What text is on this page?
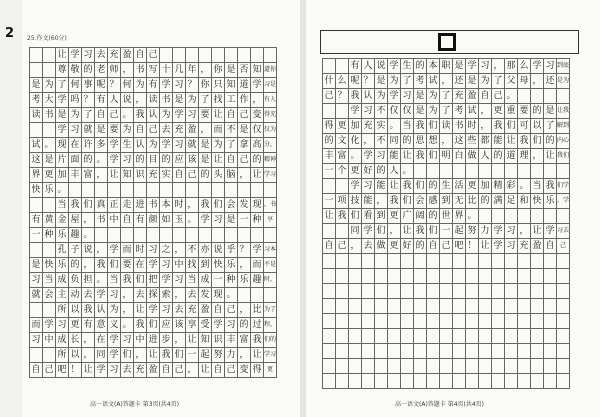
2 25.作文(60分)
让 学 习 去 充 盈 自 己
尊 敬 的 老 师 ， 书 写 十 几 年 ， 你 是 否 知 道你
是 为 了 何 事 呢 ？ 何 为 有 学 习 ？ 你 只 知 道 学 习是
考 大 学 吗 ？ 有 人 说 ， 读 书 是 为 了 找 工 作 ， 有人
读 书 是 为 了 自 己 。 我 认 为 学 习 要 让 自 己 变 得充
学 习 就 是 要 为 自 己 去 充 盈 ， 而 不 是 仅 仅为
试 。 现 在 许 多 学 生 认 为 学 习 就 是 为 了 拿 高 分，
这 是 片 面 的 。 学 习 的 目 的 应 该 是 让 自 己 的 精神
界 更 加 丰 富 ， 让 知 识 充 实 自 己 的 头 脑 ， 让 学习
快 乐 。
当 我 们 真 正 走 进 书 本 时 ， 我 们 会 发 现 ，书
有 黄 金 屋 ， 书 中 自 有 颜 如 玉 。 学 习 是 一 种 享
一 种 乐 趣 。
孔 子 说 ， 学 而 时 习 之 ， 不 亦 说 乎 ？ 学 习本
是 快 乐 的 ， 我 们 要 在 学 习 中 找 到 快 乐 ， 而 不是
习 当 成 负 担 。 当 我 们 把 学 习 当 成 一 种 乐 趣 时，
就 会 主 动 去 学 习 ， 去 探 索 ， 去 发 现 。
所 以 我 认 为 ， 让 学 习 去 充 盈 自 己 ， 比 为了
而 学 习 更 有 意 义 。 我 们 应 该 享 受 学 习 的 过 程，
习 中 成 长 ， 在 学 习 中 进 步 ， 让 知 识 丰 富 我 们的
所 以 ， 同 学 们 ， 让 我 们 一 起 努 力 ， 让 学习
自 己 吧 ！ 让 学 习 去 充 盈 自 己 ， 让 自 己 变 得 更
有 人 说 学 生 的 本 职 是 学 习 ， 那 么 学 习 到底
什 么 呢 ？ 是 为 了 考 试 ， 还 是 为 了 父 母 ， 还 是为
己 ？ 我 认 为 学 习 是 为 了 充 盈 自 己 。
学 习 不 仅 仅 是 为 了 考 试 ， 更 重 要 的 是 让我
得 更 加 充 实 。 当 我 们 读 书 时 ， 我 们 可 以 了 解到
的 文 化 ， 不 同 的 思 想 ， 这 些 都 能 让 我 们 的 内心
丰 富 。 学 习 能 让 我 们 明 白 做 人 的 道 理 ， 让 我们
一 个 更 好 的 人 。
学 习 能 让 我 们 的 生 活 更 加 精 彩 。 当 我 们学
一 项 技 能 ， 我 们 会 感 到 无 比 的 满 足 和 快 乐 。学
让 我 们 看 到 更 广 阔 的 世 界 。
同 学 们 ， 让 我 们 一 起 努 力 学 习 ， 让 学 习去
自 己 ， 去 做 更 好 的 自 己 吧 ！ 让 学 习 充 盈 自 己
高一语文(A)答题卡 第3页(共4页)	高一语文(A)答题卡 第4页(共4页)
